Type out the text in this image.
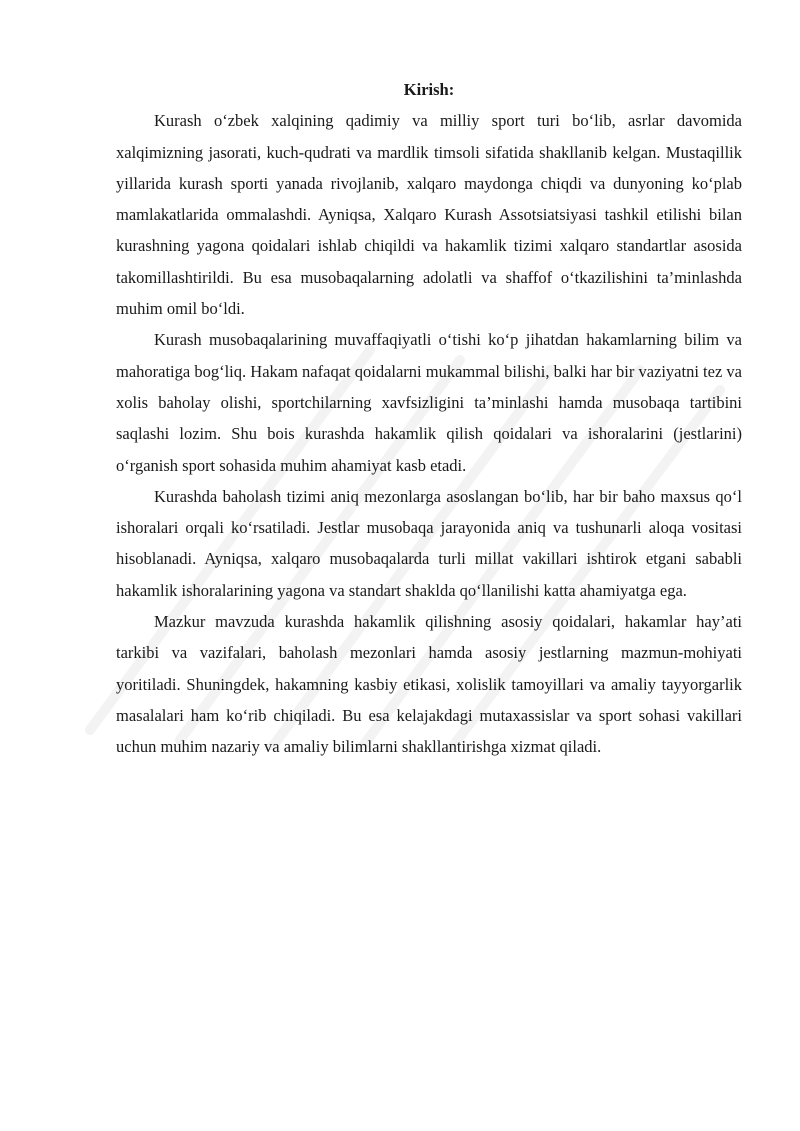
Kirish:

Kurash o‘zbek xalqining qadimiy va milliy sport turi bo‘lib, asrlar davomida xalqimizning jasorati, kuch-qudrati va mardlik timsoli sifatida shakllanib kelgan. Mustaqillik yillarida kurash sporti yanada rivojlanib, xalqaro maydonga chiqdi va dunyoning ko‘plab mamlakatlarida ommalashdi. Ayniqsa, Xalqaro Kurash Assotsiatsiyasi tashkil etilishi bilan kurashning yagona qoidalari ishlab chiqildi va hakamlik tizimi xalqaro standartlar asosida takomillashtirildi. Bu esa musobaqalarning adolatli va shaffof o‘tkazilishini ta’minlashda muhim omil bo‘ldi.

Kurash musobaqalarining muvaffaqiyatli o‘tishi ko‘p jihatdan hakamlarning bilim va mahoratiga bog‘liq. Hakam nafaqat qoidalarni mukammal bilishi, balki har bir vaziyatni tez va xolis baholay olishi, sportchilarning xavfsizligini ta’minlashi hamda musobaqa tartibini saqlashi lozim. Shu bois kurashda hakamlik qilish qoidalari va ishoralarini (jestlarini) o‘rganish sport sohasida muhim ahamiyat kasb etadi.

Kurashda baholash tizimi aniq mezonlarga asoslangan bo‘lib, har bir baho maxsus qo‘l ishoralari orqali ko‘rsatiladi. Jestlar musobaqa jarayonida aniq va tushunarli aloqa vositasi hisoblanadi. Ayniqsa, xalqaro musobaqalarda turli millat vakillari ishtirok etgani sababli hakamlik ishoralarining yagona va standart shaklda qo‘llanilishi katta ahamiyatga ega.

Mazkur mavzuda kurashda hakamlik qilishning asosiy qoidalari, hakamlar hay’ati tarkibi va vazifalari, baholash mezonlari hamda asosiy jestlarning mazmun-mohiyati yoritiladi. Shuningdek, hakamning kasbiy etikasi, xolislik tamoyillari va amaliy tayyorgarlik masalalari ham ko‘rib chiqiladi. Bu esa kelajakdagi mutaxassislar va sport sohasi vakillari uchun muhim nazariy va amaliy bilimlarni shakllantirishga xizmat qiladi.
